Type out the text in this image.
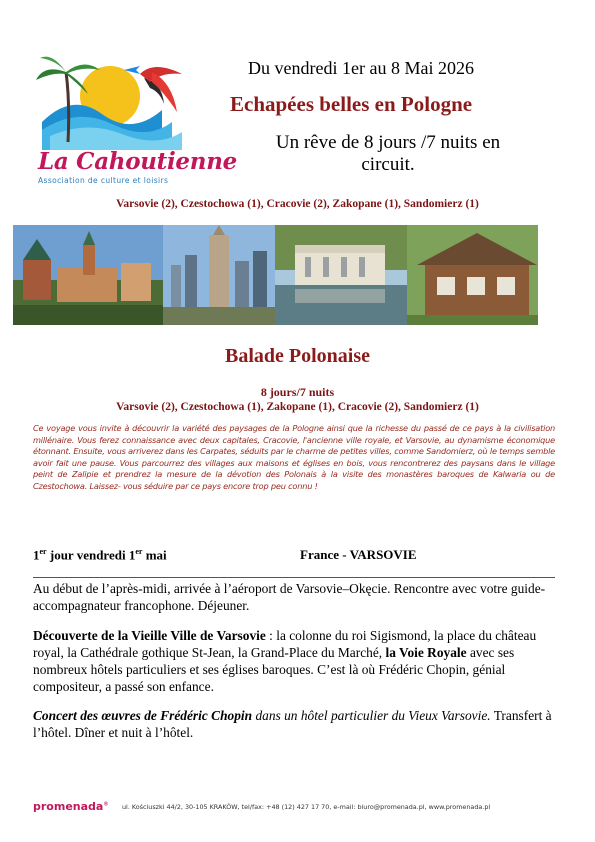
La Cahoutienne
Association de culture et loisirs
Du vendredi 1er au 8 Mai 2026
Echapées belles en Pologne
Un rêve de 8 jours /7 nuits en circuit.
Varsovie (2), Czestochowa (1), Cracovie (2), Zakopane (1), Sandomierz (1)
Balade Polonaise
8 jours/7 nuits
Varsovie (2), Czestochowa (1), Zakopane (1), Cracovie (2), Sandomierz (1)
Ce voyage vous invite à découvrir la variété des paysages de la Pologne ainsi que la richesse du passé de ce pays à la civilisation millénaire. Vous ferez connaissance avec deux capitales, Cracovie, l'ancienne ville royale, et Varsovie, au dynamisme économique étonnant. Ensuite, vous arriverez dans les Carpates, séduits par le charme de petites villes, comme Sandomierz, où le temps semble avoir fait une pause. Vous parcourrez des villages aux maisons et églises en bois, vous rencontrerez des paysans dans le village peint de Zalipie et prendrez la mesure de la dévotion des Polonais à la visite des monastères baroques de Kalwaria ou de Czestochowa. Laissez- vous séduire par ce pays encore trop peu connu !
1er jour vendredi 1er mai	France - VARSOVIE
Au début de l’après-midi, arrivée à l’aéroport de Varsovie–Okęcie. Rencontre avec votre guide-accompagnateur francophone. Déjeuner.
Découverte de la Vieille Ville de Varsovie : la colonne du roi Sigismond, la place du château royal, la Cathédrale gothique St-Jean, la Grand-Place du Marché, la Voie Royale avec ses nombreux hôtels particuliers et ses églises baroques. C’est là où Frédéric Chopin, génial compositeur, a passé son enfance.
Concert des œuvres de Frédéric Chopin dans un hôtel particulier du Vieux Varsovie. Transfert à l’hôtel. Dîner et nuit à l’hôtel.
promenada® ul. Kościuszki 44/2, 30-105 KRAKÓW, tel/fax: +48 (12) 427 17 70, e-mail: biuro@promenada.pl, www.promenada.pl
